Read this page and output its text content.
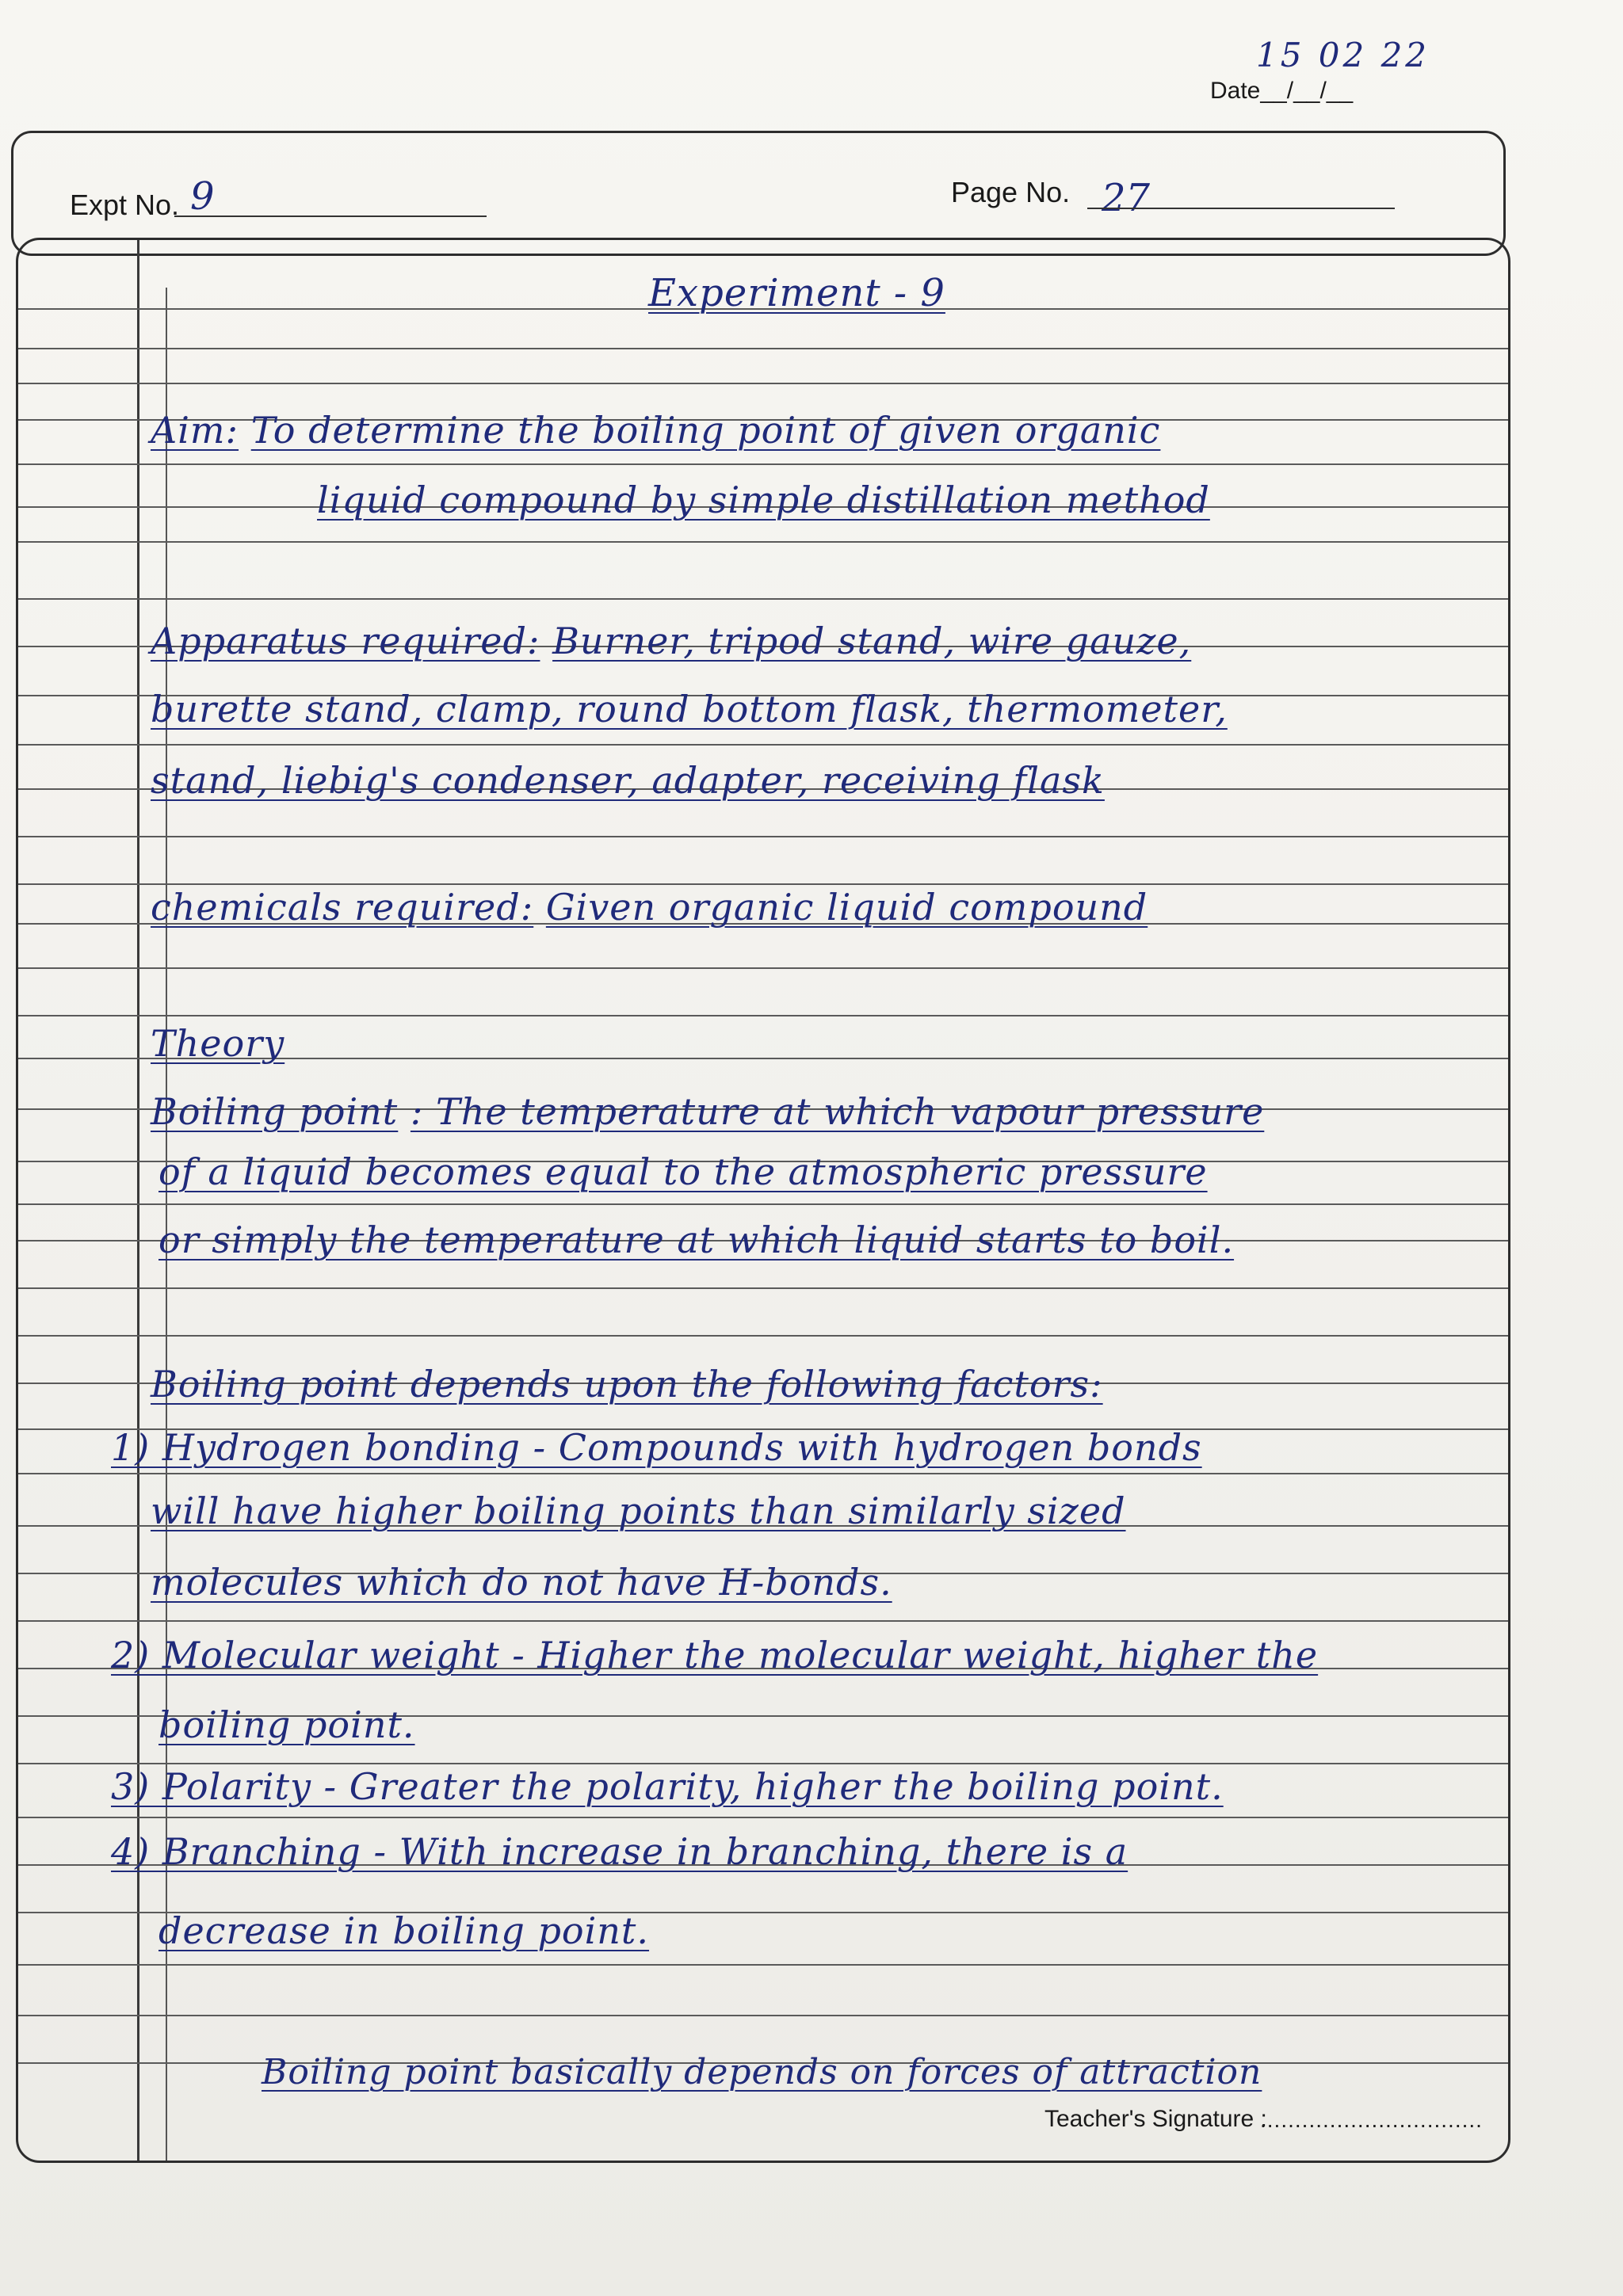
15 02 22
Date__/__/__
Expt No. 9	Page No. 27
Experiment - 9
Aim: To determine the boiling point of given organic
liquid compound by simple distillation method
Apparatus required: Burner, tripod stand, wire gauze,
burette stand, clamp, round bottom flask, thermometer,
stand, liebig's condenser, adapter, receiving flask
chemicals required: Given organic liquid compound
Theory
Boiling point : The temperature at which vapour pressure
of a liquid becomes equal to the atmospheric pressure
or simply the temperature at which liquid starts to boil.
Boiling point depends upon the following factors:
1) Hydrogen bonding - Compounds with hydrogen bonds
will have higher boiling points than similarly sized
molecules which do not have H-bonds.
2) Molecular weight - Higher the molecular weight, higher the
boiling point.
3) Polarity - Greater the polarity, higher the boiling point.
4) Branching - With increase in branching, there is a
decrease in boiling point.
Boiling point basically depends on forces of attraction
Teacher's Signature :
................................
